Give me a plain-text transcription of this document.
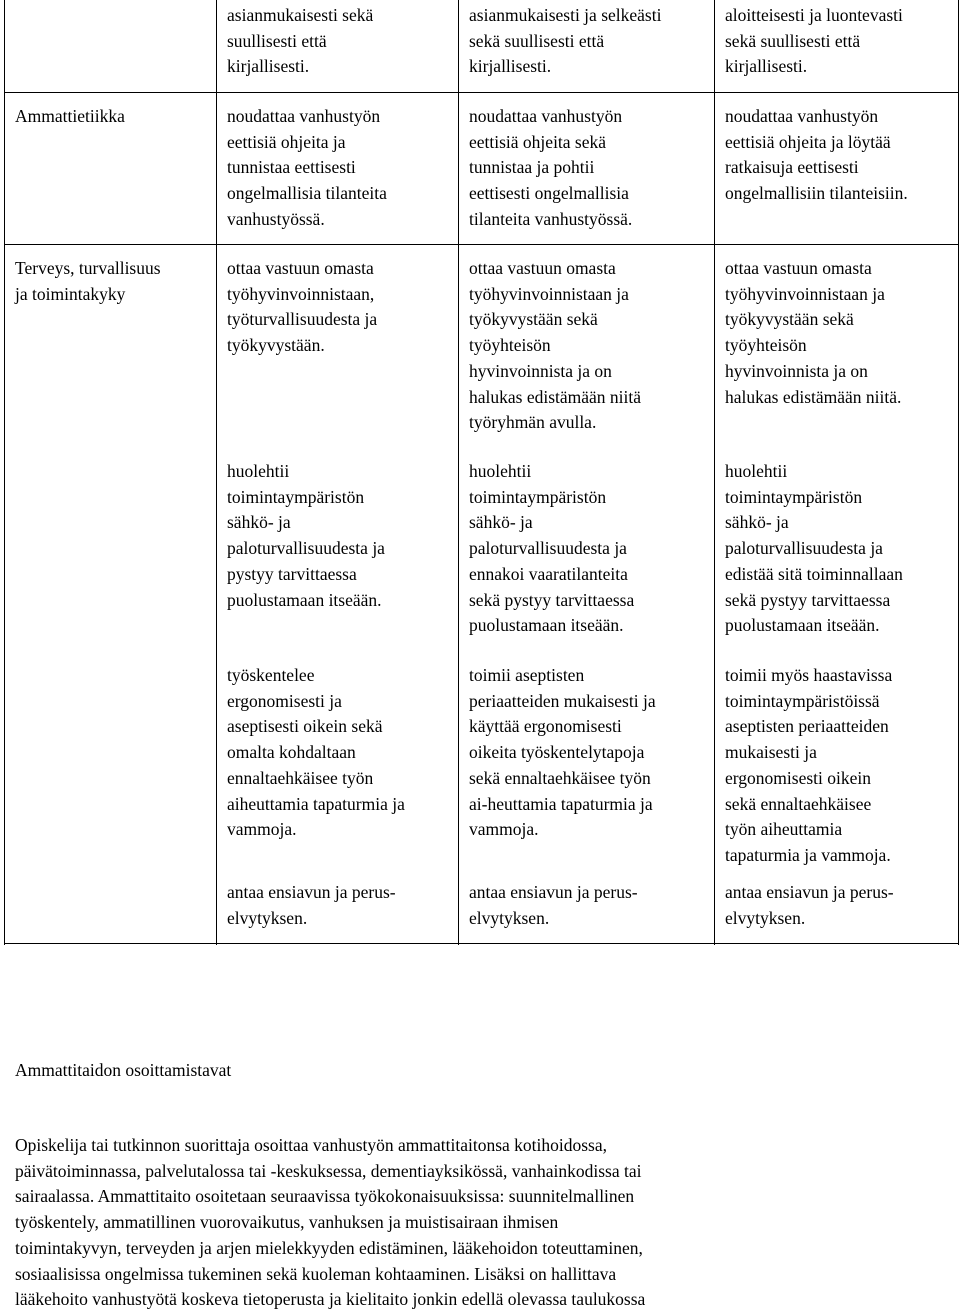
asianmukaisesti sekä
suullisesti että
kirjallisesti.

asianmukaisesti ja selkeästi
sekä suullisesti että
kirjallisesti.

aloitteisesti ja luontevasti
sekä suullisesti että
kirjallisesti.

Ammattietiikka	noudattaa vanhustyön
eettisiä ohjeita ja
tunnistaa eettisesti
ongelmallisia tilanteita
vanhustyössä.

noudattaa vanhustyön
eettisiä ohjeita sekä
tunnistaa ja pohtii
eettisesti ongelmallisia
tilanteita vanhustyössä.

noudattaa vanhustyön
eettisiä ohjeita ja löytää
ratkaisuja eettisesti
ongelmallisiin tilanteisiin.

Terveys, turvallisuus
ja toimintakyky

ottaa vastuun omasta
työhyvinvoinnistaan,
työturvallisuudesta ja
työkyvystään.

ottaa vastuun omasta
työhyvinvoinnistaan ja
työkyvystään sekä
työyhteisön
hyvinvoinnista ja on
halukas edistämään niitä
työryhmän avulla.

ottaa vastuun omasta
työhyvinvoinnistaan ja
työkyvystään sekä
työyhteisön
hyvinvoinnista ja on
halukas edistämään niitä.

huolehtii
toimintaympäristön
sähkö- ja
paloturvallisuudesta ja
pystyy tarvittaessa
puolustamaan itseään.

huolehtii
toimintaympäristön
sähkö- ja
paloturvallisuudesta ja
ennakoi vaaratilanteita
sekä pystyy tarvittaessa
puolustamaan itseään.

huolehtii
toimintaympäristön
sähkö- ja
paloturvallisuudesta ja
edistää sitä toiminnallaan
sekä pystyy tarvittaessa
puolustamaan itseään.

työskentelee
ergonomisesti ja
aseptisesti oikein sekä
omalta kohdaltaan
ennaltaehkäisee työn
aiheuttamia tapaturmia ja
vammoja.

toimii aseptisten
periaatteiden mukaisesti ja
käyttää ergonomisesti
oikeita työskentelytapoja
sekä ennaltaehkäisee työn
ai-heuttamia tapaturmia ja
vammoja.

toimii myös haastavissa
toimintaympäristöissä
aseptisten periaatteiden
mukaisesti ja
ergonomisesti oikein
sekä ennaltaehkäisee
työn aiheuttamia
tapaturmia ja vammoja.

antaa ensiavun ja perus-
elvytyksen.

antaa ensiavun ja perus-
elvytyksen.

antaa ensiavun ja perus-
elvytyksen.

Ammattitaidon osoittamistavat

Opiskelija tai tutkinnon suorittaja osoittaa vanhustyön ammattitaitonsa kotihoidossa,
päivätoiminnassa, palvelutalossa tai -keskuksessa, dementiayksikössä, vanhainkodissa tai
sairaalassa. Ammattitaito osoitetaan seuraavissa työkokonaisuuksissa: suunnitelmallinen
työskentely, ammatillinen vuorovaikutus, vanhuksen ja muistisairaan ihmisen
toimintakyvyn, terveyden ja arjen mielekkyyden edistäminen, lääkehoidon toteuttaminen,
sosiaalisissa ongelmissa tukeminen sekä kuoleman kohtaaminen. Lisäksi on hallittava
lääkehoito vanhustyötä koskeva tietoperusta ja kielitaito jonkin edellä olevassa taulukossa
